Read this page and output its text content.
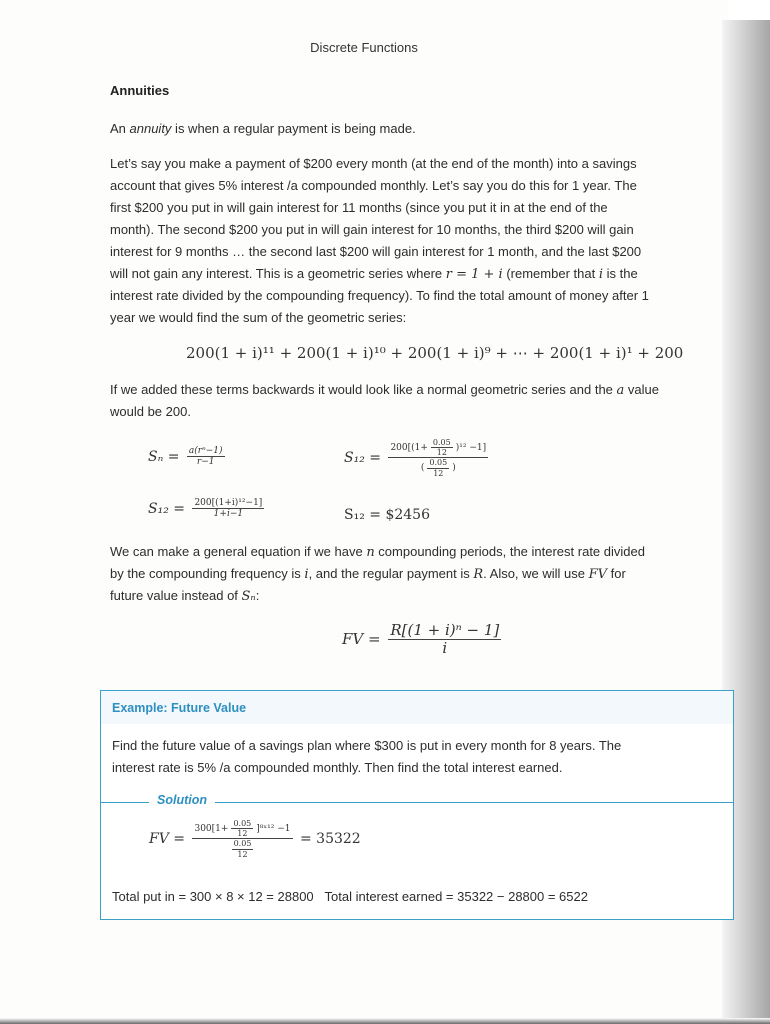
Discrete Functions
Annuities

An annuity is when a regular payment is being made.

Let’s say you make a payment of $200 every month (at the end of the month) into a savings

account that gives 5% interest /a compounded monthly. Let’s say you do this for 1 year. The

first $200 you put in will gain interest for 11 months (since you put it in at the end of the

month). The second $200 you put in will gain interest for 10 months, the third $200 will gain

interest for 9 months … the second last $200 will gain interest for 1 month, and the last $200

will not gain any interest. This is a geometric series where r = 1 + i (remember that i is the

interest rate divided by the compounding frequency). To find the total amount of money after 1

year we would find the sum of the geometric series:

200(1 + i)¹¹ + 200(1 + i)¹⁰ + 200(1 + i)⁹ + ⋯ + 200(1 + i)¹ + 200

If we added these terms backwards it would look like a normal geometric series and the a value

would be 200.

$S_n = \frac{\text{a(rⁿ−1)}}{r-1}$	$S_{12} = \frac{200[(1+ \frac{0.05}{12} )^{12} -1]}{( \frac{0.05}{12} )}$
$S_{12} = \frac{\text{200[(1+i)¹²−1]}}{1+i-1}$	S₁₂ = $2456

We can make a general equation if we have n compounding periods, the interest rate divided

by the compounding frequency is i, and the regular payment is R. Also, we will use FV for

future value instead of Sₙ:

FV = $\frac{\text{R[(1 + i)ⁿ − 1]}}{i}$
Example: Future Value
Find the future value of a savings plan where $300 is put in every month for 8 years. The
interest rate is 5% /a compounded monthly. Then find the total interest earned.
Solution
FV = $\frac{300[1+ \frac{0.05}{12} ]^8ˣ^{12} -1}{\frac{0.05}{12}} = 35322$
Total put in = 300 × 8 × 12 = 28800 Total interest earned = 35322 − 28800 = 6522
